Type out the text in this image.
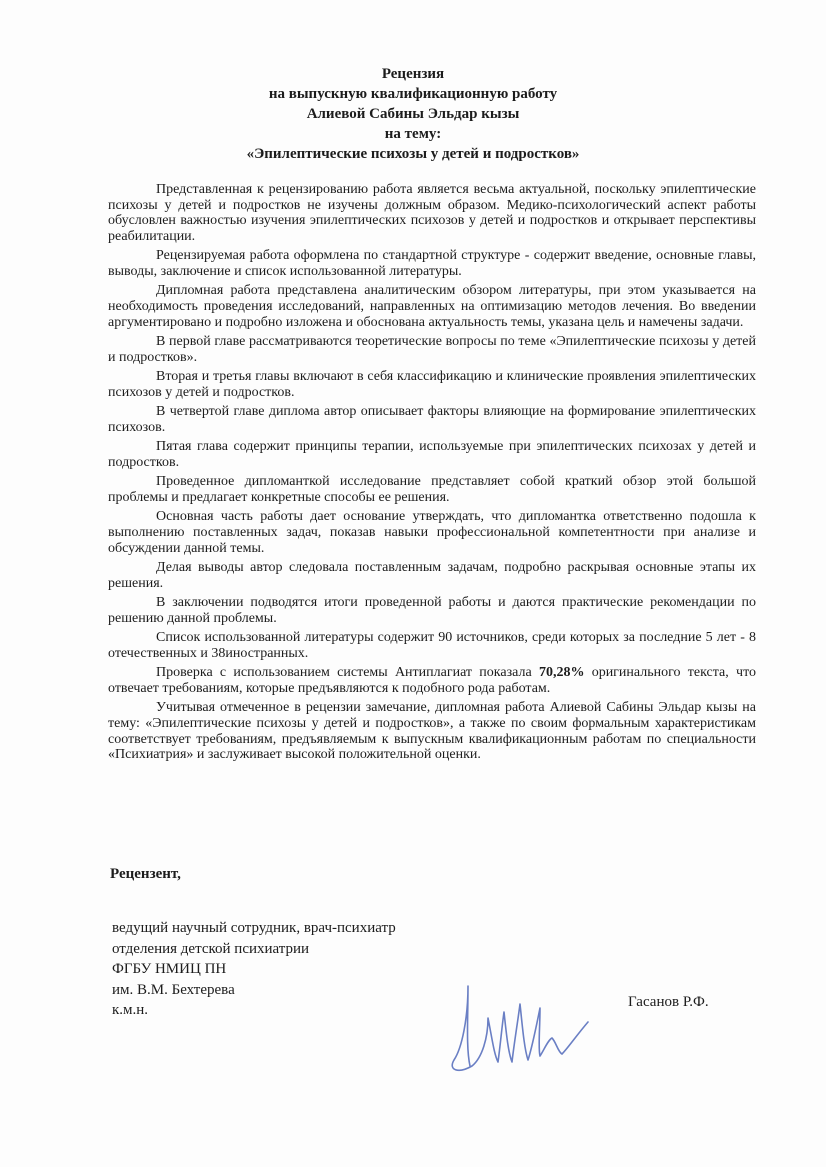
Рецензия
на выпускную квалификационную работу
Алиевой Сабины Эльдар кызы
на тему:
«Эпилептические психозы у детей и подростков»

Представленная к рецензированию работа является весьма актуальной, поскольку эпилептические психозы у детей и подростков не изучены должным образом. Медико-психологический аспект работы обусловлен важностью изучения эпилептических психозов у детей и подростков и открывает перспективы реабилитации.

Рецензируемая работа оформлена по стандартной структуре - содержит введение, основные главы, выводы, заключение и список использованной литературы.

Дипломная работа представлена аналитическим обзором литературы, при этом указывается на необходимость проведения исследований, направленных на оптимизацию методов лечения. Во введении аргументировано и подробно изложена и обоснована актуальность темы, указана цель и намечены задачи.

В первой главе рассматриваются теоретические вопросы по теме «Эпилептические психозы у детей и подростков».

Вторая и третья главы включают в себя классификацию и клинические проявления эпилептических психозов у детей и подростков.

В четвертой главе диплома автор описывает факторы влияющие на формирование эпилептических психозов.

Пятая глава содержит принципы терапии, используемые при эпилептических психозах у детей и подростков.

Проведенное дипломанткой исследование представляет собой краткий обзор этой большой проблемы и предлагает конкретные способы ее решения.

Основная часть работы дает основание утверждать, что дипломантка ответственно подошла к выполнению поставленных задач, показав навыки профессиональной компетентности при анализе и обсуждении данной темы.

Делая выводы автор следовала поставленным задачам, подробно раскрывая основные этапы их решения.

В заключении подводятся итоги проведенной работы и даются практические рекомендации по решению данной проблемы.

Список использованной литературы содержит 90 источников, среди которых за последние 5 лет - 8 отечественных и 38иностранных.

Проверка с использованием системы Антиплагиат показала 70,28% оригинального текста, что отвечает требованиям, которые предъявляются к подобного рода работам.

Учитывая отмеченное в рецензии замечание, дипломная работа Алиевой Сабины Эльдар кызы на тему: «Эпилептические психозы у детей и подростков», а также по своим формальным характеристикам соответствует требованиям, предъявляемым к выпускным квалификационным работам по специальности «Психиатрия» и заслуживает высокой положительной оценки.

Рецензент,
ведущий научный сотрудник, врач-психиатр
отделения детской психиатрии
ФГБУ НМИЦ ПН
им. В.М. Бехтерева
к.м.н.	Гасанов Р.Ф.
